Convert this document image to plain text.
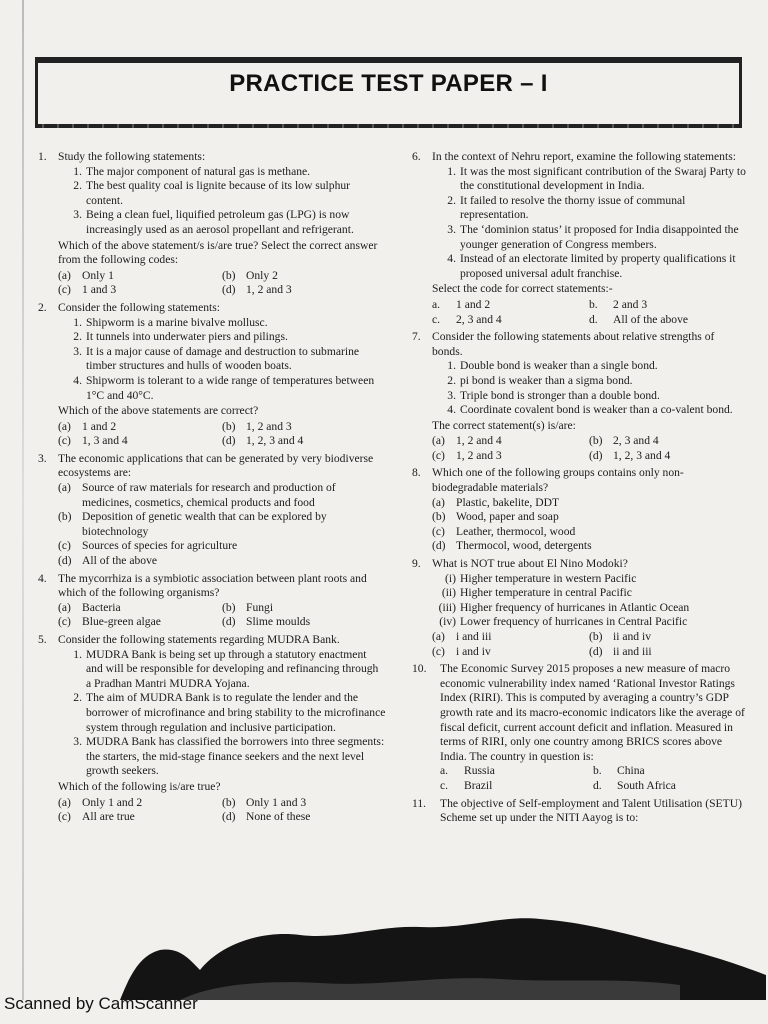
PRACTICE TEST PAPER – I
1. Study the following statements:
1. The major component of natural gas is methane.
2. The best quality coal is lignite because of its low sulphur content.
3. Being a clean fuel, liquified petroleum gas (LPG) is now increasingly used as an aerosol propellant and refrigerant.
Which of the above statement/s is/are true? Select the correct answer from the following codes:
(a) Only 1	(b) Only 2
(c) 1 and 3	(d) 1, 2 and 3
2. Consider the following statements:
1. Shipworm is a marine bivalve mollusc.
2. It tunnels into underwater piers and pilings.
3. It is a major cause of damage and destruction to submarine timber structures and hulls of wooden boats.
4. Shipworm is tolerant to a wide range of temperatures between 1°C and 40°C.
Which of the above statements are correct?
(a) 1 and 2	(b) 1, 2 and 3
(c) 1, 3 and 4	(d) 1, 2, 3 and 4
3. The economic applications that can be generated by very biodiverse ecosystems are:
(a) Source of raw materials for research and production of medicines, cosmetics, chemical products and food
(b) Deposition of genetic wealth that can be explored by biotechnology
(c) Sources of species for agriculture
(d) All of the above
4. The mycorrhiza is a symbiotic association between plant roots and which of the following organisms?
(a) Bacteria	(b) Fungi
(c) Blue-green algae	(d) Slime moulds
5. Consider the following statements regarding MUDRA Bank.
1. MUDRA Bank is being set up through a statutory enactment and will be responsible for developing and refinancing through a Pradhan Mantri MUDRA Yojana.
2. The aim of MUDRA Bank is to regulate the lender and the borrower of microfinance and bring stability to the microfinance system through regulation and inclusive participation.
3. MUDRA Bank has classified the borrowers into three segments: the starters, the mid-stage finance seekers and the next level growth seekers.
Which of the following is/are true?
(a) Only 1 and 2	(b) Only 1 and 3
(c) All are true	(d) None of these
6. In the context of Nehru report, examine the following statements:
1. It was the most significant contribution of the Swaraj Party to the constitutional development in India.
2. It failed to resolve the thorny issue of communal representation.
3. The ‘dominion status’ it proposed for India disappointed the younger generation of Congress members.
4. Instead of an electorate limited by property qualifications it proposed universal adult franchise.
Select the code for correct statements:-
a. 1 and 2	b. 2 and 3
c. 2, 3 and 4	d. All of the above
7. Consider the following statements about relative strengths of bonds.
1. Double bond is weaker than a single bond.
2. pi bond is weaker than a sigma bond.
3. Triple bond is stronger than a double bond.
4. Coordinate covalent bond is weaker than a co-valent bond.
The correct statement(s) is/are:
(a) 1, 2 and 4	(b) 2, 3 and 4
(c) 1, 2 and 3	(d) 1, 2, 3 and 4
8. Which one of the following groups contains only non-biodegradable materials?
(a) Plastic, bakelite, DDT
(b) Wood, paper and soap
(c) Leather, thermocol, wood
(d) Thermocol, wood, detergents
9. What is NOT true about El Nino Modoki?
(i) Higher temperature in western Pacific
(ii) Higher temperature in central Pacific
(iii) Higher frequency of hurricanes in Atlantic Ocean
(iv) Lower frequency of hurricanes in Central Pacific
(a) i and iii	(b) ii and iv
(c) i and iv	(d) ii and iii
10. The Economic Survey 2015 proposes a new measure of macro economic vulnerability index named ‘Rational Investor Ratings Index (RIRI). This is computed by averaging a country’s GDP growth rate and its macro-economic indicators like the average of fiscal deficit, current account deficit and inflation. Measured in terms of RIRI, only one country among BRICS scores above India. The country in question is:
a. Russia	b. China
c. Brazil	d. South Africa
11. The objective of Self-employment and Talent Utilisation (SETU) Scheme set up under the NITI Aayog is to:
Scanned by CamScanner
